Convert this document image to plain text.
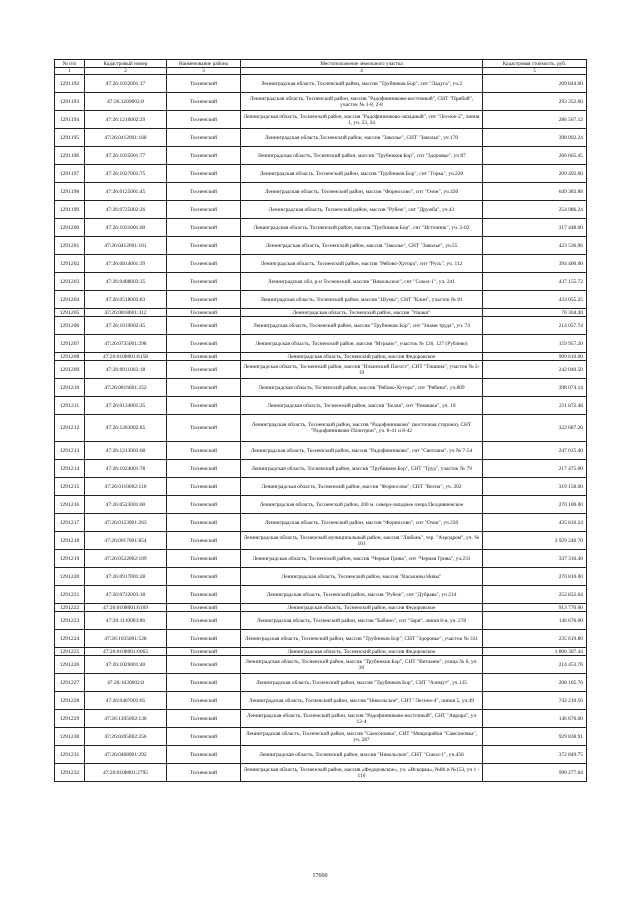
№ п/п	Кадастровый номер	Наименование района	Местоположение земельного участка	Кадастровая стоимость, руб.
1	2	3	4	5
1291192	47:26:1032001:17	Тосненский	Ленинградская область, Тосненский район, массив "Трубников Бор", снт "Ладуга", уч.2	209 844.00
1291193	47:26:1209002:8	Тосненский	Ленинградская область, Тосненский район, массив "Радофинниково-восточный", СНТ "Прибой", участок № 1-8, 2-8	293 352.00
1291194	47:26:1216002:29	Тосненский	Ленинградская область, Тосненский район, массив "Радофинниково-западный", снт "Лесное-2", линия 1, уч. 33, 34	286 507.12
1291195	47:26:0412001:168	Тосненский	Ленинградская область,Тосненский район, массив "Заколье", СНТ "Заколье", уч.170	398 092.24
1291196	47:26:1035001:77	Тосненский	Ленинградская область, Тосненский район, массив "Трубников Бор", снт "Здоровье", уч 87	266 665.45
1291197	47:26:1027003:75	Тосненский	Ленинградская область, Тосненский район, массив "Трубников Бор", снт "Горка", уч.220	209 492.00
1291198	47:26:0125001:45	Тосненский	Ленинградская область, Тосненский район, массив "Форносово", снт "Озон", уч.430	649 383.88
1291199	47:26:0725002:26	Тосненский	Ленинградская область, Тосненский район, массив "Рубеж", снт "Дружба", уч 43	254 986.24
1291200	47:26:1031001:60	Тосненский	Ленинградская область, Тосненский район, массив "Трубников Бор", снт "Источник", уч. 2-02	317 448.00
1291201	47:26:0412001:101	Тосненский	Ленинградская область, Тосненский район, массив "Заколье", СНТ "Заколье", уч.55	423 536.96
1291202	47:26:0814001:39	Тосненский	Ленинградская область, Тосненский район, массив "Рябово-Хутора", снт "Русь", уч. 112	394 400.00
1291203	47:26:0408003:35	Тосненский	Ленинградская обл, р-н Тосненский, массив "Никольское", снт "Сокол-1", уч. 241	437 155.72
1291204	47:26:0518003:83	Тосненский	Ленинградская область, Тосненский район, массив "Шумы", СНТ "Клин", участок № 81	433 055.25
1291205	47:26:0818001:312	Тосненский	Ленинградская область, Тосненский район, массив "Ушаки"	70 304.40
1291206	47:26:1019002:45	Тосненский	Ленинградская область, Тосненский район, массив "Трубников Бор", снт "Знамя труда", уч. 74	214 057.74
1291207	47:26:0735001:298	Тосненский	Ленинградская область, Тосненский район, массив "Мгрыно", участок № 126, 127 (Рублево)	159 957.20
1291208	47:26:0108001:6158	Тосненский	Ленинградская область, Тосненский район, массив Федоровское	909 610.00
1291209	47:26:0911003:18	Тосненский	Ленинградская область, Тосненский район, массив "Ильинский Погост", СНТ "Тишина", участок № 2-19	242 040.50
1291210	47:26:0816001:252	Тосненский	Ленинградская область, Тосненский район, массив "Рябово-Хутора", снт "Рябина", уч.809	398 074.14
1291211	47:26:0134001:25	Тосненский	Ленинградская область, Тосненский район, массив "Белая", снт "Ромашка", уч. 10	211 872.48
1291212	47:26:1203002:85	Тосненский	Ленинградская область, Тосненский район, массив "Радофинниково" (восточная сторона), СНТ "Радофинниково-Политрон", уч. 8-41 и 8-42	322 687.20
1291213	47:26:1213003:68	Тосненский	Ленинградская область, Тосненский район, массив "Радофинниково", снт "Светлана", уч № 7-54	247 015.40
1291214	47:26:1024001:78	Тосненский	Ленинградская область, Тосненский район, массив "Трубников Бор", СНТ "Труд", участок № 79	217 475.00
1291215	47:26:0110002:110	Тосненский	Ленинградская область, Тосненский район, массив "Форносово", СНТ "Весна", уч. 202	319 158.00
1291216	47:26:0523001:60	Тосненский	Ленинградская область, Тосненский район, 200 м. северо-западнее озера Пелдивиенское	270 100.00
1291217	47:26:0123001:263	Тосненский	Ленинградская область, Тосненский район, массив "Форносово", снт "Озон", уч.230	435 816.24
1291218	47:26:0917001:854	Тосненский	Ленинградская область, Тосненский муниципальный район, массив "Любань", тер. "Аэродром", уч. № 101	3 929 240.70
1291219	47:26:0522002:109	Тосненский	Ленинградская область, Тосненский район, массив "Черная Грива", снт "Черная Грива", уч.231	337 316.40
1291220	47:26:0917001:28	Тосненский	Ленинградская область, Тосненский район, массив "Васькины Нивы"	270 810.00
1291221	47:26:0722003:18	Тосненский	Ленинградская область, Тосненский район, массив "Рубеж", снт "Дубрава", уч 214	252 832.64
1291222	47:26:0108001:6169	Тосненский	Ленинградская область, Тосненский район, массив Федоровское	913 770.00
1291223	47:26:1110003:86	Тосненский	Ленинградская область, Тосненский район, массив "Бабино", снт "Заря", линия 8-я, уч. 278	146 676.00
1291224	47:26:1035001:528	Тосненский	Ленинградская область, Тосненский район, массив "Трубников Бор", СНТ "Здоровье", участок № 331	235 619.80
1291225	47:26:0108001:6063	Тосненский	Ленинградская область, Тосненский район, массив Федоровское	1 806 307.44
1291226	47:26:1026001:40	Тосненский	Ленинградская область, Тосненский район, массив "Трубников Бор", СНТ "Витамин", улица № 6, уч. 30	214 453.76
1291227	47:26:1030002:8	Тосненский	Ленинградская область, Тосненский район, массив "Трубников Бор", СНТ "Азимут", уч.135	208 105.76
1291228	47:26:0407001:65	Тосненский	Ленинградская область, Тосненский район, массив "Никольское", СНТ "Лесное-4", линия 5, уч.49	742 210.56
1291229	47:26:1205002:130	Тосненский	Ленинградская область, Тосненский район, массив "Радофинниково-восточный", СНТ "Аврора", уч 12-4	146 676.00
1291230	47:26:0205002:256	Тосненский	Ленинградская область, Тосненский район, массив "Самсоновка", СНТ "Микрорайон "Самсоновка", уч. 287	929 838.91
1291231	47:26:0408001:292	Тосненский	Ленинградская область, Тосненский район, массив "Никольское", СНТ "Сокол-1", уч.456	372 849.75
1291232	47:26:0108001:2795	Тосненский	Ленинградская область, Тосненский район, массив «Федоровское», уч. «Искорка», №86 и №153, уч 1 - 110	996 277.04
17660
